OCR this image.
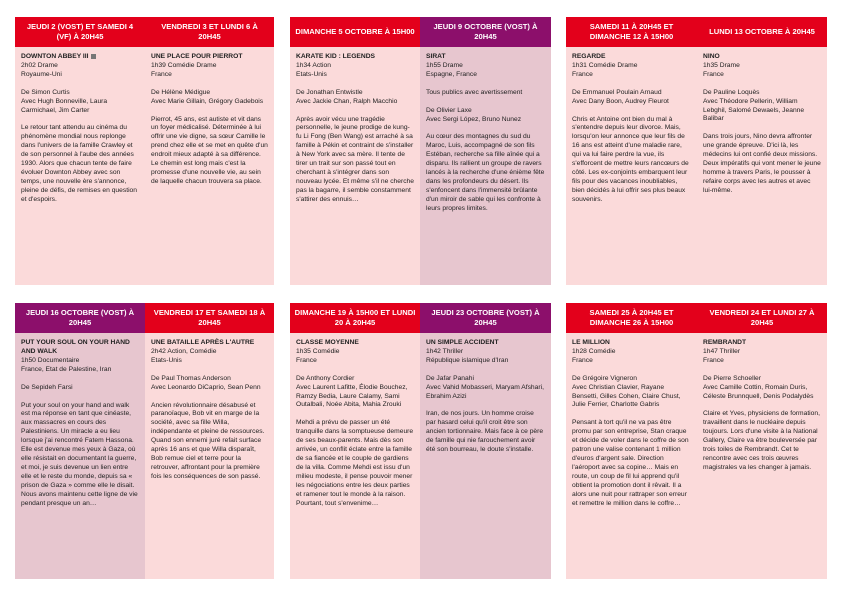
JEUDI 2 (VOST) ET SAMEDI 4 (VF) À 20H45

DOWNTON ABBEY III

2h02 Drame

Royaume-Uni

De Simon Curtis

Avec Hugh Bonneville, Laura Carmichael, Jim Carter

Le retour tant attendu au cinéma du phénomène mondial nous replonge dans l'univers de la famille Crawley et de son personnel à l'aube des années 1930. Alors que chacun tente de faire évoluer Downton Abbey avec son temps, une nouvelle ère s'annonce, pleine de défis, de remises en question et d'espoirs.

VENDREDI 3 ET LUNDI 6 À 20H45

UNE PLACE POUR PIERROT

1h39 Comédie Drame

France

De Hélène Médigue

Avec Marie Gillain, Grégory Gadebois

Pierrot, 45 ans, est autiste et vit dans un foyer médicalisé. Déterminée à lui offrir une vie digne, sa sœur Camille le prend chez elle et se met en quête d'un endroit mieux adapté à sa différence. Le chemin est long mais c'est la promesse d'une nouvelle vie, au sein de laquelle chacun trouvera sa place.

DIMANCHE 5 OCTOBRE À 15H00

KARATE KID : LEGENDS

1h34 Action

Etats-Unis

De Jonathan Entwistle

Avec Jackie Chan, Ralph Macchio

Après avoir vécu une tragédie personnelle, le jeune prodige de kung-fu Li Fong (Ben Wang) est arraché à sa famille à Pékin et contraint de s'installer à New York avec sa mère. Il tente de tirer un trait sur son passé tout en cherchant à s'intégrer dans son nouveau lycée. Et même s'il ne cherche pas la bagarre, il semble constamment s'attirer des ennuis…

JEUDI 9 OCTOBRE (VOST) À 20H45

SIRAT

1h55 Drame

Espagne, France

Tous publics avec avertissement

De Olivier Laxe

Avec Sergi López, Bruno Nunez

Au cœur des montagnes du sud du Maroc, Luis, accompagné de son fils Estéban, recherche sa fille aînée qui a disparu. Ils rallient un groupe de ravers lancés à la recherche d'une énième fête dans les profondeurs du désert. Ils s'enfoncent dans l'immensité brûlante d'un miroir de sable qui les confronte à leurs propres limites.

SAMEDI 11 À 20H45 ET DIMANCHE 12 À 15H00

REGARDE

1h31 Comédie Drame

France

De Emmanuel Poulain Arnaud

Avec Dany Boon, Audrey Fleurot

Chris et Antoine ont bien du mal à s'entendre depuis leur divorce. Mais, lorsqu'on leur annonce que leur fils de 16 ans est atteint d'une maladie rare, qui va lui faire perdre la vue, ils s'efforcent de mettre leurs rancœurs de côté. Les ex-conjoints embarquent leur fils pour des vacances inoubliables, bien décidés à lui offrir ses plus beaux souvenirs.

LUNDI 13 OCTOBRE À 20H45

NINO

1h35 Drame

France

De Pauline Loquès

Avec Théodore Pellerin, William Lebghil, Salomé Dewaels, Jeanne Balibar

Dans trois jours, Nino devra affronter une grande épreuve. D'ici là, les médecins lui ont confié deux missions. Deux impératifs qui vont mener le jeune homme à travers Paris, le pousser à refaire corps avec les autres et avec lui-même.

JEUDI 16 OCTOBRE (VOST) À 20H45

PUT YOUR SOUL ON YOUR HAND AND WALK

1h50 Documentaire

France, Etat de Palestine, Iran

De Sepideh Farsi

Put your soul on your hand and walk est ma réponse en tant que cinéaste, aux massacres en cours des Palestiniens. Un miracle a eu lieu lorsque j'ai rencontré Fatem Hassona. Elle est devenue mes yeux à Gaza, où elle résistait en documentant la guerre, et moi, je suis devenue un lien entre elle et le reste du monde, depuis sa « prison de Gaza » comme elle le disait. Nous avons maintenu cette ligne de vie pendant presque un an…

VENDREDI 17 ET SAMEDI 18 À 20H45

UNE BATAILLE APRÈS L'AUTRE

2h42 Action, Comédie

Etats-Unis

De Paul Thomas Anderson

Avec Leonardo DiCaprio, Sean Penn

Ancien révolutionnaire désabusé et paranoïaque, Bob vit en marge de la société, avec sa fille Willa, indépendante et pleine de ressources. Quand son ennemi juré refait surface après 16 ans et que Willa disparaît, Bob remue ciel et terre pour la retrouver, affrontant pour la première fois les conséquences de son passé.

DIMANCHE 19 À 15H00 ET LUNDI 20 À 20H45

CLASSE MOYENNE

1h35 Comédie

France

De Anthony Cordier

Avec Laurent Lafitte, Élodie Bouchez, Ramzy Bedia, Laure Calamy, Sami Outalbali, Noée Abita, Mahia Zrouki

Mehdi a prévu de passer un été tranquille dans la somptueuse demeure de ses beaux-parents. Mais dès son arrivée, un conflit éclate entre la famille de sa fiancée et le couple de gardiens de la villa. Comme Mehdi est issu d'un milieu modeste, il pense pouvoir mener les négociations entre les deux parties et ramener tout le monde à la raison. Pourtant, tout s'envenime…

JEUDI 23 OCTOBRE (VOST) À 20H45

UN SIMPLE ACCIDENT

1h42 Thriller

République islamique d'Iran

De Jafar Panahi

Avec Vahid Mobasseri, Maryam Afshari, Ebrahim Azizi

Iran, de nos jours. Un homme croise par hasard celui qu'il croit être son ancien tortionnaire. Mais face à ce père de famille qui nie farouchement avoir été son bourreau, le doute s'installe.

SAMEDI 25 À 20H45 ET DIMANCHE 26 À 15H00

LE MILLION

1h28 Comédie

France

De Grégoire Vigneron

Avec Christian Clavier, Rayane Bensetti, Gilles Cohen, Claire Chust, Julie Ferrier, Charlotte Gabris

Pensant à tort qu'il ne va pas être promu par son entreprise, Stan craque et décide de voler dans le coffre de son patron une valise contenant 1 million d'euros d'argent sale. Direction l'aéroport avec sa copine… Mais en route, un coup de fil lui apprend qu'il obtient la promotion dont il rêvait. Il a alors une nuit pour rattraper son erreur et remettre le million dans le coffre…

VENDREDI 24 ET LUNDI 27 À 20H45

REMBRANDT

1h47 Thriller

France

De Pierre Schoeller

Avec Camille Cottin, Romain Duris, Céleste Brunnquell, Denis Podalydès

Claire et Yves, physiciens de formation, travaillent dans le nucléaire depuis toujours. Lors d'une visite à la National Gallery, Claire va être bouleversée par trois toiles de Rembrandt. Cet te rencontre avec ces trois œuvres magistrales va les changer à jamais.
